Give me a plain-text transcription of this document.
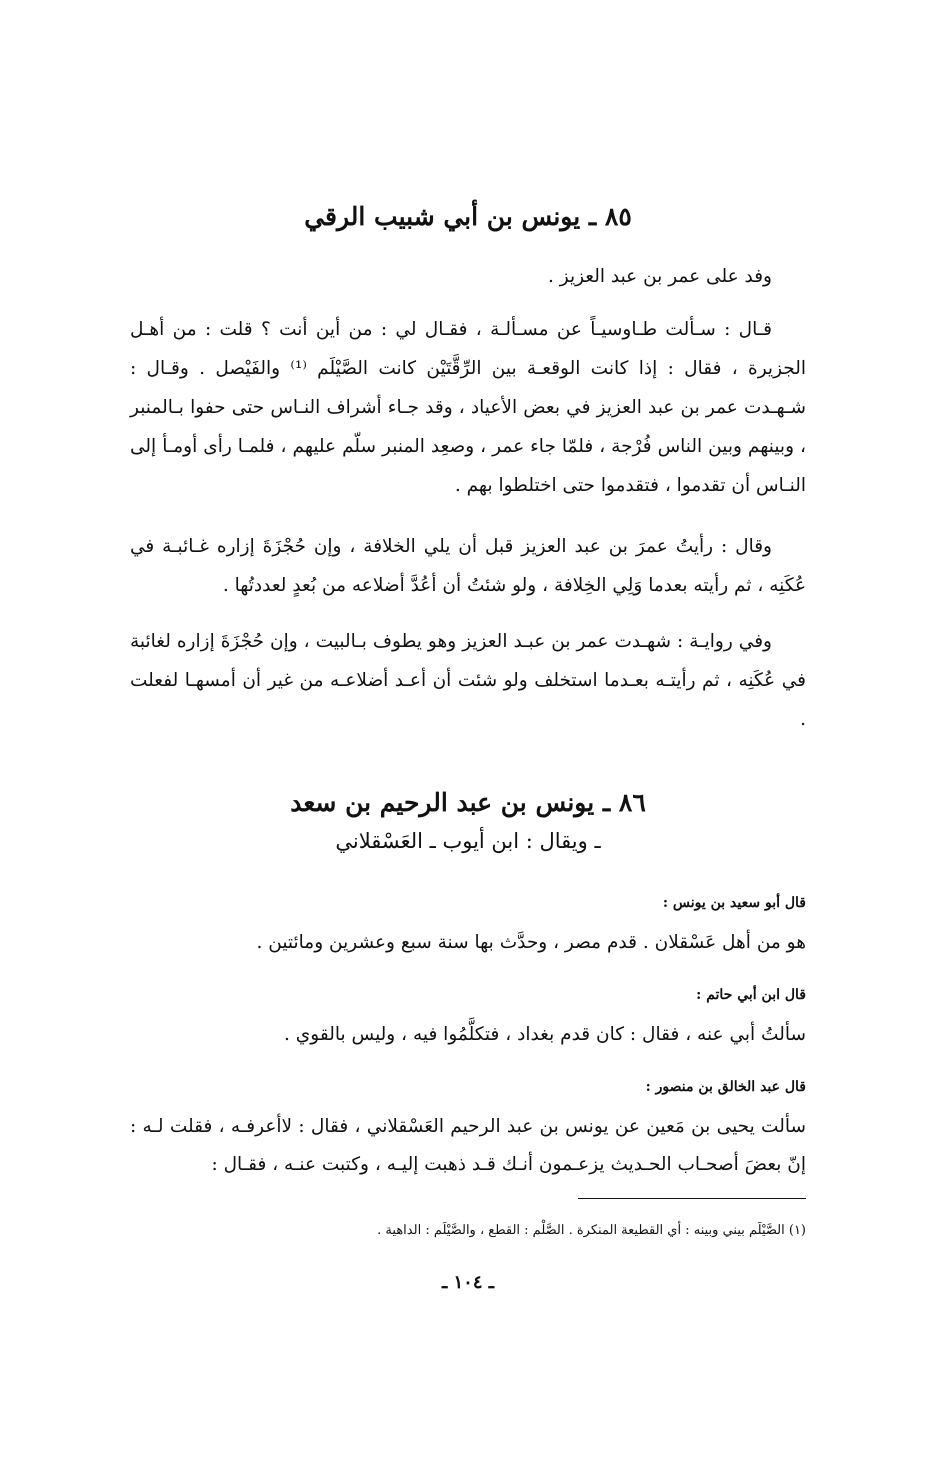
٨٥ ـ يونس بن أبي شبيب الرقي

وفد على عمر بن عبد العزيز .

قـال : سـألت طـاوسيـاً عن مسـألـة ، فقـال لي : من أين أنت ؟ قلت : من أهـل الجزيرة ، فقال : إذا كانت الوقعـة بين الرِّقَّتَيْن كانت الصَّيْلَم ⁽¹⁾ والفَيْصل . وقـال : شـهـدت عمر بن عبد العزيز في بعض الأعياد ، وقد جـاء أشراف النـاس حتى حفوا بـالمنبر ، وبينهم وبين الناس فُرْجة ، فلمّا جاء عمر ، وصعِد المنبر سلّم عليهم ، فلمـا رأى أومـأ إلى النـاس أن تقدموا ، فتقدموا حتى اختلطوا بهم .

وقال : رأيتُ عمرَ بن عبد العزيز قبل أن يلي الخلافة ، وإن حُجْزَةَ إزاره غـائبـة في عُكَنِه ، ثم رأيته بعدما وَلِي الخِلافة ، ولو شئتُ أن أعُدَّ أضلاعه من بُعدٍ لعددتُها .

وفي روايـة : شهـدت عمر بن عبـد العزيز وهو يطوف بـالبيت ، وإن حُجْزَةَ إزاره لغائبة في عُكَنِه ، ثم رأيتـه بعـدما استخلف ولو شئت أن أعـد أضلاعـه من غير أن أمسهـا لفعلت .

٨٦ ـ يونس بن عبد الرحيم بن سعد

ـ ويقال : ابن أيوب ـ العَسْقلاني

قال أبو سعيد بن يونس :

هو من أهل عَسْقلان . قدم مصر ، وحدَّث بها سنة سبع وعشرين ومائتين .

قال ابن أبي حاتم :

سألتُ أبي عنه ، فقال : كان قدم بغداد ، فتكلَّمُوا فيه ، وليس بالقوي .

قال عبد الخالق بن منصور :

سألت يحيى بن مَعين عن يونس بن عبد الرحيم العَسْقلاني ، فقال : لاأعرفـه ، فقلت لـه : إنّ بعضَ أصحـاب الحـديث يزعـمون أنـك قـد ذهبت إليـه ، وكتبت عنـه ، فقـال :

(١) الصَّيْلَم بيني وبينه : أي القطيعة المنكرة . الصَّلْم : القطع ، والصَّيْلَم : الداهية .

ـ ١٠٤ ـ
